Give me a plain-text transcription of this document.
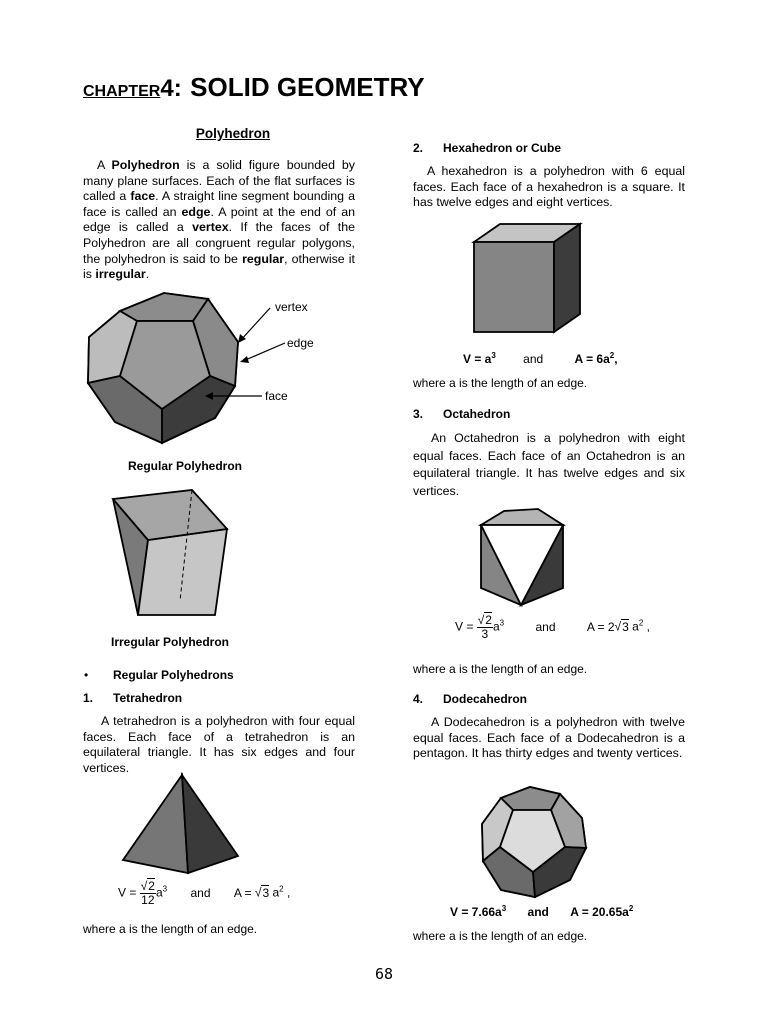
CHAPTER4: SOLID GEOMETRY
Polyhedron
A Polyhedron is a solid figure bounded by many plane surfaces. Each of the flat surfaces is called a face. A straight line segment bounding a face is called an edge. A point at the end of an edge is called a vertex. If the faces of the Polyhedron are all congruent regular polygons, the polyhedron is said to be regular, otherwise it is irregular.
vertex
edge
face
Regular Polyhedron
Irregular Polyhedron
• Regular Polyhedrons
1. Tetrahedron
A tetrahedron is a polyhedron with four equal faces. Each face of a tetrahedron is an equilateral triangle. It has six edges and four vertices.
$V = \frac{√2}{12} a^3$ and A = √3 $a^2$ ,
where a is the length of an edge.
2. Hexahedron or Cube
A hexahedron is a polyhedron with 6 equal faces. Each face of a hexahedron is a square. It has twelve edges and eight vertices.
$V = a^3$ and	$A = 6a^2$,
where a is the length of an edge.
3. Octahedron
An Octahedron is a polyhedron with eight equal faces. Each face of an Octahedron is an equilateral triangle. It has twelve edges and six vertices.
$V = \frac{√2}{3} a^3$	and	A = 2√3 $a^2$ ,
where a is the length of an edge.
4. Dodecahedron
A Dodecahedron is a polyhedron with twelve equal faces. Each face of a Dodecahedron is a pentagon. It has thirty edges and twenty vertices.
$V = 7.66a^3$ and $A = 20.65a^2$
where a is the length of an edge.
68
